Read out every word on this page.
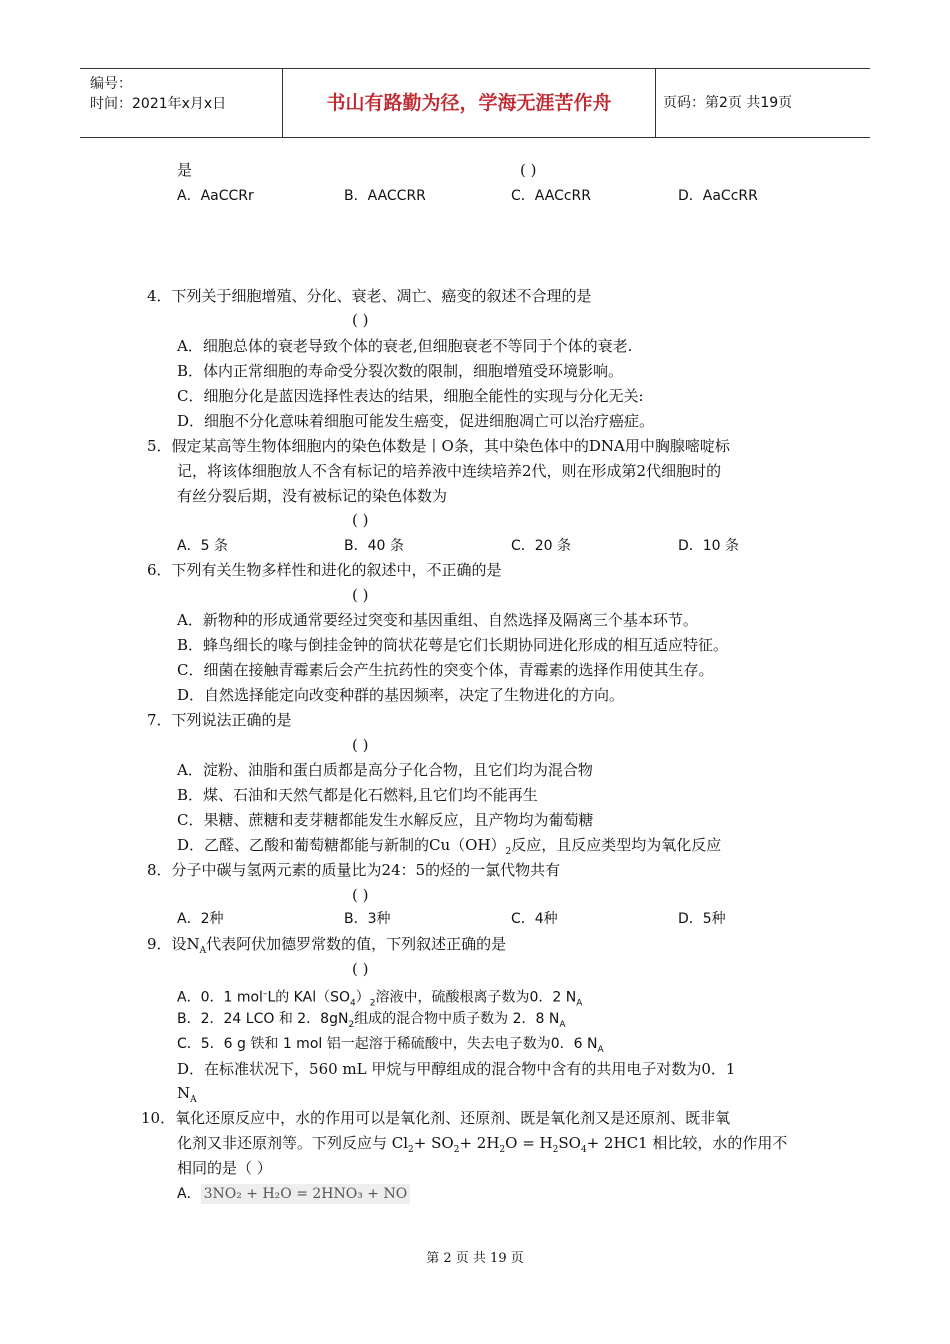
编号：
时间：2021年x月x日	书山有路勤为径，学海无涯苦作舟	页码：第2页 共19页
是	( )
A．AaCCRr	B．AACCRR	C．AACcRR	D．AaCcRR
4．下列关于细胞增殖、分化、衰老、凋亡、癌变的叙述不合理的是
( )
A．细胞总体的衰老导致个体的衰老,但细胞衰老不等同于个体的衰老.
B．体内正常细胞的寿命受分裂次数的限制，细胞增殖受环境影响。
C．细胞分化是蓝因选择性表达的结果，细胞全能性的实现与分化无关:
D．细胞不分化意味着细胞可能发生癌变，促进细胞凋亡可以治疗癌症。
5．假定某高等生物体细胞内的染色体数是丨O条，其中染色体中的DNA用中胸腺嘧啶标
记，将该体细胞放人不含有标记的培养液中连续培养2代，则在形成第2代细胞时的
有丝分裂后期，没有被标记的染色体数为
( )
A．5 条	B．40 条	C．20 条	D．10 条
6．下列有关生物多样性和进化的叙述中，不正确的是
( )
A．新物种的形成通常要经过突变和基因重组、自然选择及隔离三个基本环节。
B．蜂鸟细长的喙与倒挂金钟的筒状花萼是它们长期协同进化形成的相互适应特征。
C．细菌在接触青霉素后会产生抗药性的突变个体，青霉素的选择作用使其生存。
D．自然选择能定向改变种群的基因频率，决定了生物进化的方向。
7．下列说法正确的是
( )
A．淀粉、油脂和蛋白质都是高分子化合物，且它们均为混合物
B．煤、石油和天然气都是化石燃料,且它们均不能再生
C．果糖、蔗糖和麦芽糖都能发生水解反应，且产物均为葡萄糖
D．乙醛、乙酸和葡萄糖都能与新制的$Cu(OH)_2$反应，且反应类型均为氧化反应
8．分子中碳与氢两元素的质量比为24：5的烃的一氯代物共有
( )
A．2种	B．3种	C．4种	D．5种
9．设$N_A$代表阿伏加德罗常数的值，下列叙述正确的是
( )
A．0．1 mol–L的 $KAl(SO_4)_2$溶液中，硫酸根离子数为0．2 $N_A$
B．2．24 LCO 和 2．$8gN_2$组成的混合物中质子数为 2．8 $N_A$
C．5．6 g 铁和 1 mol 铝一起溶于稀硫酸中，失去电子数为0．6 $N_A$
D．在标准状况下，560 mL 甲烷与甲醇组成的混合物中含有的共用电子对数为0．1
$N_A$
10．氧化还原反应中，水的作用可以是氧化剂、还原剂、既是氧化剂又是还原剂、既非氧
化剂又非还原剂等。下列反应与 $Cl_2+ SO_2+ 2H_2O = H_2SO_4+ 2HC1$ 相比较，水的作用不
相同的是（ ）
A． 3NO₂ + H₂O = 2HNO₃ + NO
第 2 页 共 19 页
